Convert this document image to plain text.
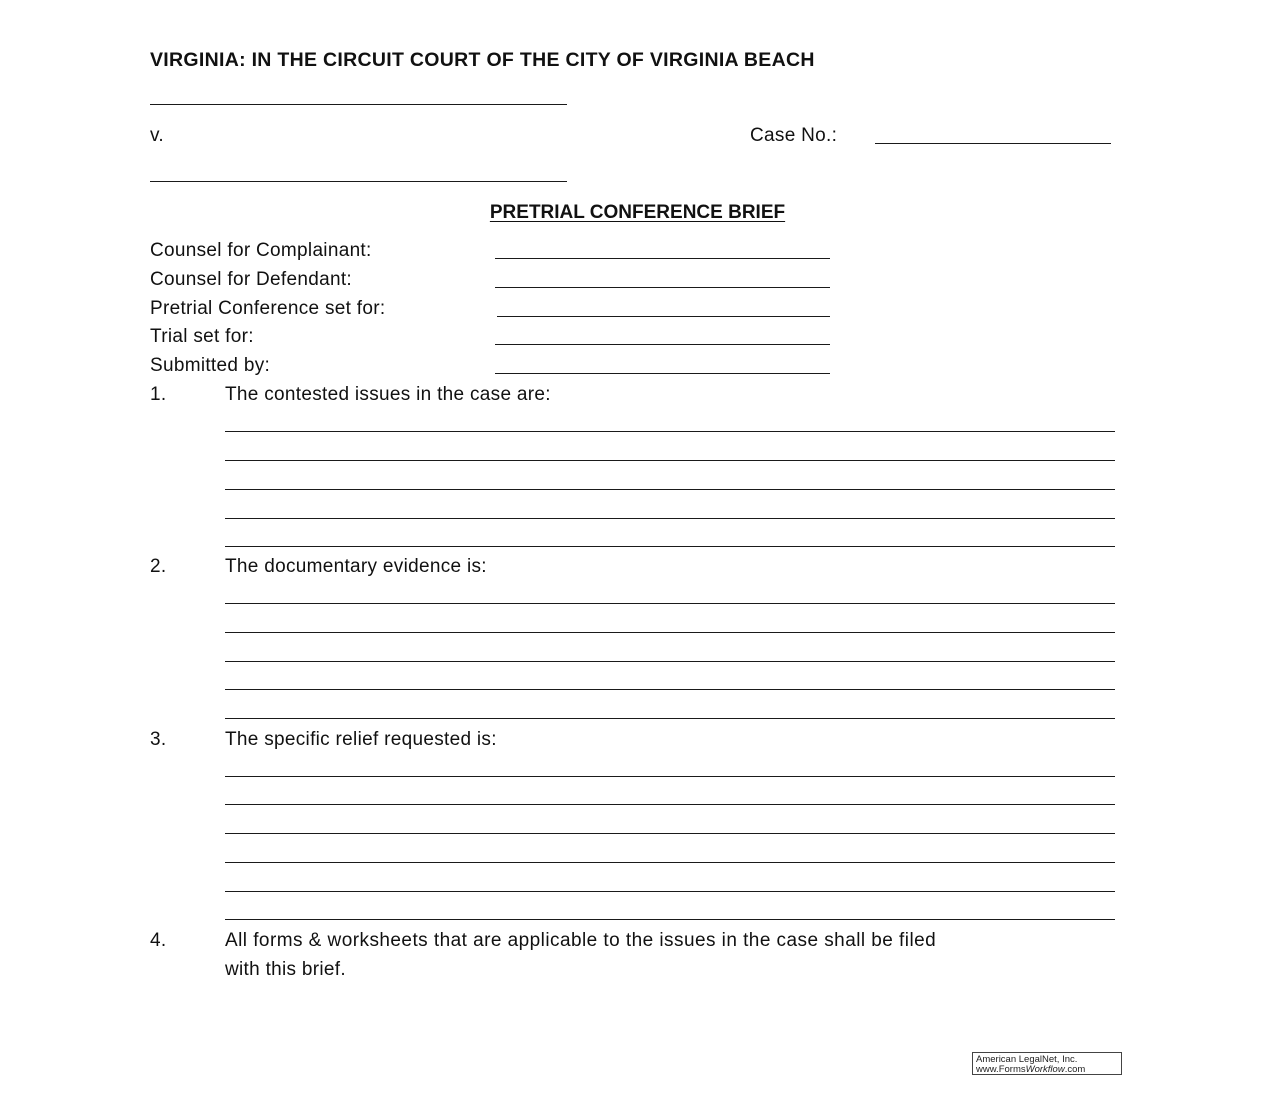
VIRGINIA: IN THE CIRCUIT COURT OF THE CITY OF VIRGINIA BEACH
v.	Case No.:
PRETRIAL CONFERENCE BRIEF
Counsel for Complainant:
Counsel for Defendant:
Pretrial Conference set for:
Trial set for:
Submitted by:
1.	The contested issues in the case are:
2.	The documentary evidence is:
3.	The specific relief requested is:
4.	All forms & worksheets that are applicable to the issues in the case shall be filed
with this brief.
American LegalNet, Inc.
www.FormsWorkflow.com
